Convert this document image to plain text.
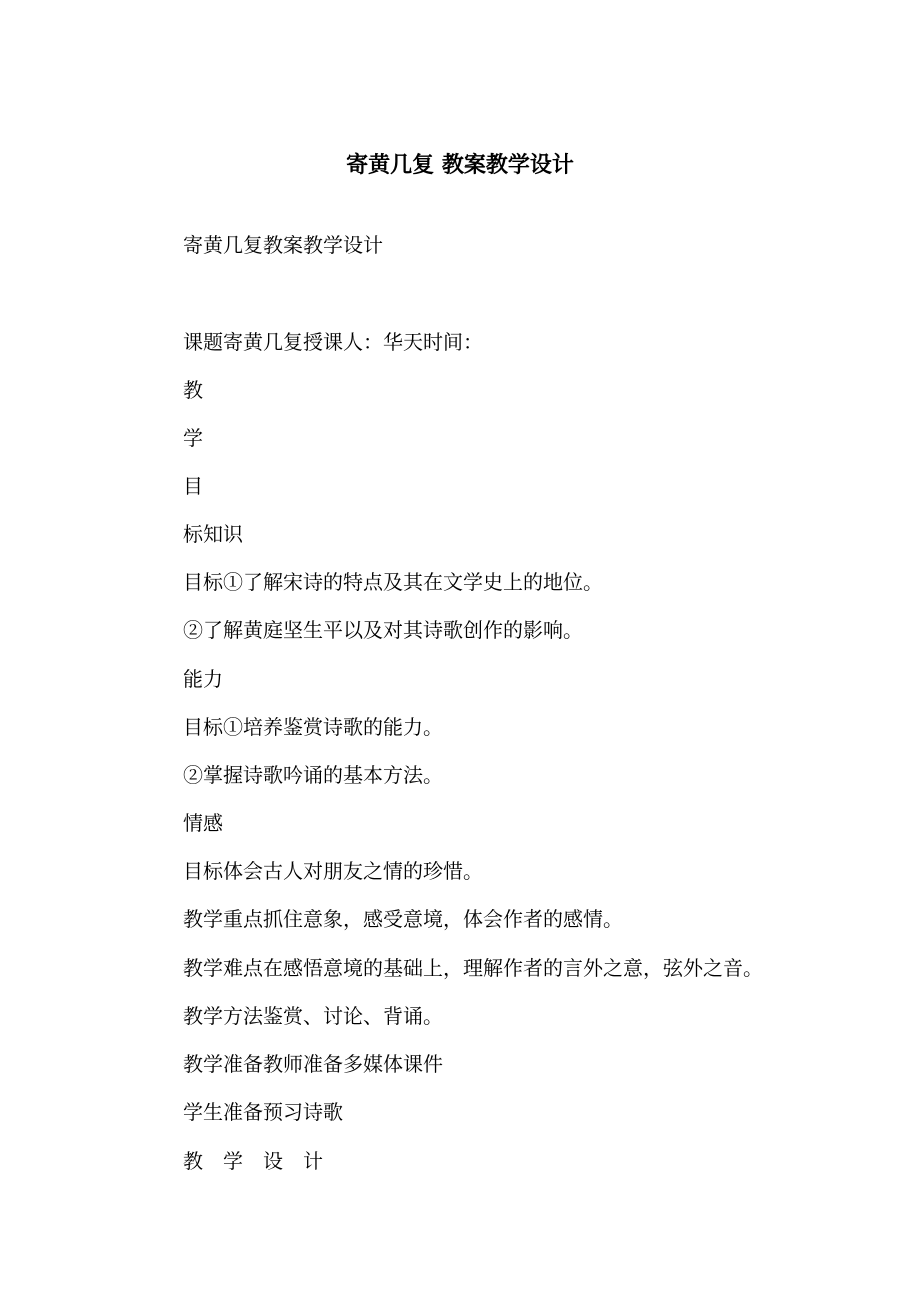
寄黄几复 教案教学设计

寄黄几复教案教学设计

课题寄黄几复授课人：华天时间：

教

学

目

标知识

目标①了解宋诗的特点及其在文学史上的地位。

②了解黄庭坚生平以及对其诗歌创作的影响。

能力

目标①培养鉴赏诗歌的能力。

②掌握诗歌吟诵的基本方法。

情感

目标体会古人对朋友之情的珍惜。

教学重点抓住意象，感受意境，体会作者的感情。

教学难点在感悟意境的基础上，理解作者的言外之意，弦外之音。

教学方法鉴赏、讨论、背诵。

教学准备教师准备多媒体课件

学生准备预习诗歌

教学设计
